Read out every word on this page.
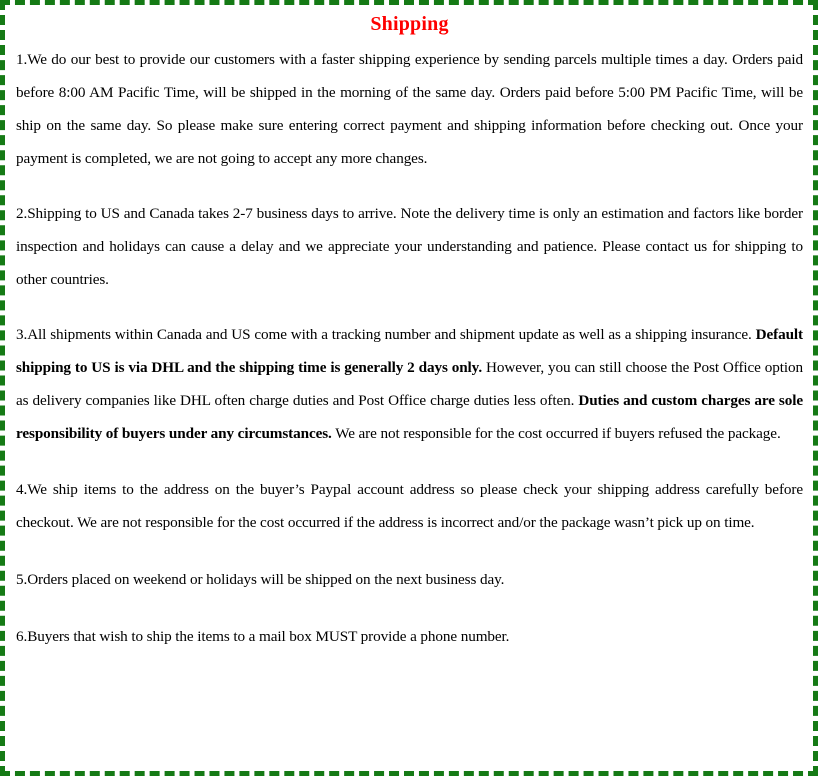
Shipping

1.We do our best to provide our customers with a faster shipping experience by sending parcels multiple times a day. Orders paid before 8:00 AM Pacific Time, will be shipped in the morning of the same day. Orders paid before 5:00 PM Pacific Time, will be ship on the same day. So please make sure entering correct payment and shipping information before checking out. Once your payment is completed, we are not going to accept any more changes.

2.Shipping to US and Canada takes 2-7 business days to arrive. Note the delivery time is only an estimation and factors like border inspection and holidays can cause a delay and we appreciate your understanding and patience. Please contact us for shipping to other countries.

3.All shipments within Canada and US come with a tracking number and shipment update as well as a shipping insurance. Default shipping to US is via DHL and the shipping time is generally 2 days only. However, you can still choose the Post Office option as delivery companies like DHL often charge duties and Post Office charge duties less often. Duties and custom charges are sole responsibility of buyers under any circumstances. We are not responsible for the cost occurred if buyers refused the package.

4.We ship items to the address on the buyer’s Paypal account address so please check your shipping address carefully before checkout. We are not responsible for the cost occurred if the address is incorrect and/or the package wasn’t pick up on time.

5.Orders placed on weekend or holidays will be shipped on the next business day.

6.Buyers that wish to ship the items to a mail box MUST provide a phone number.
